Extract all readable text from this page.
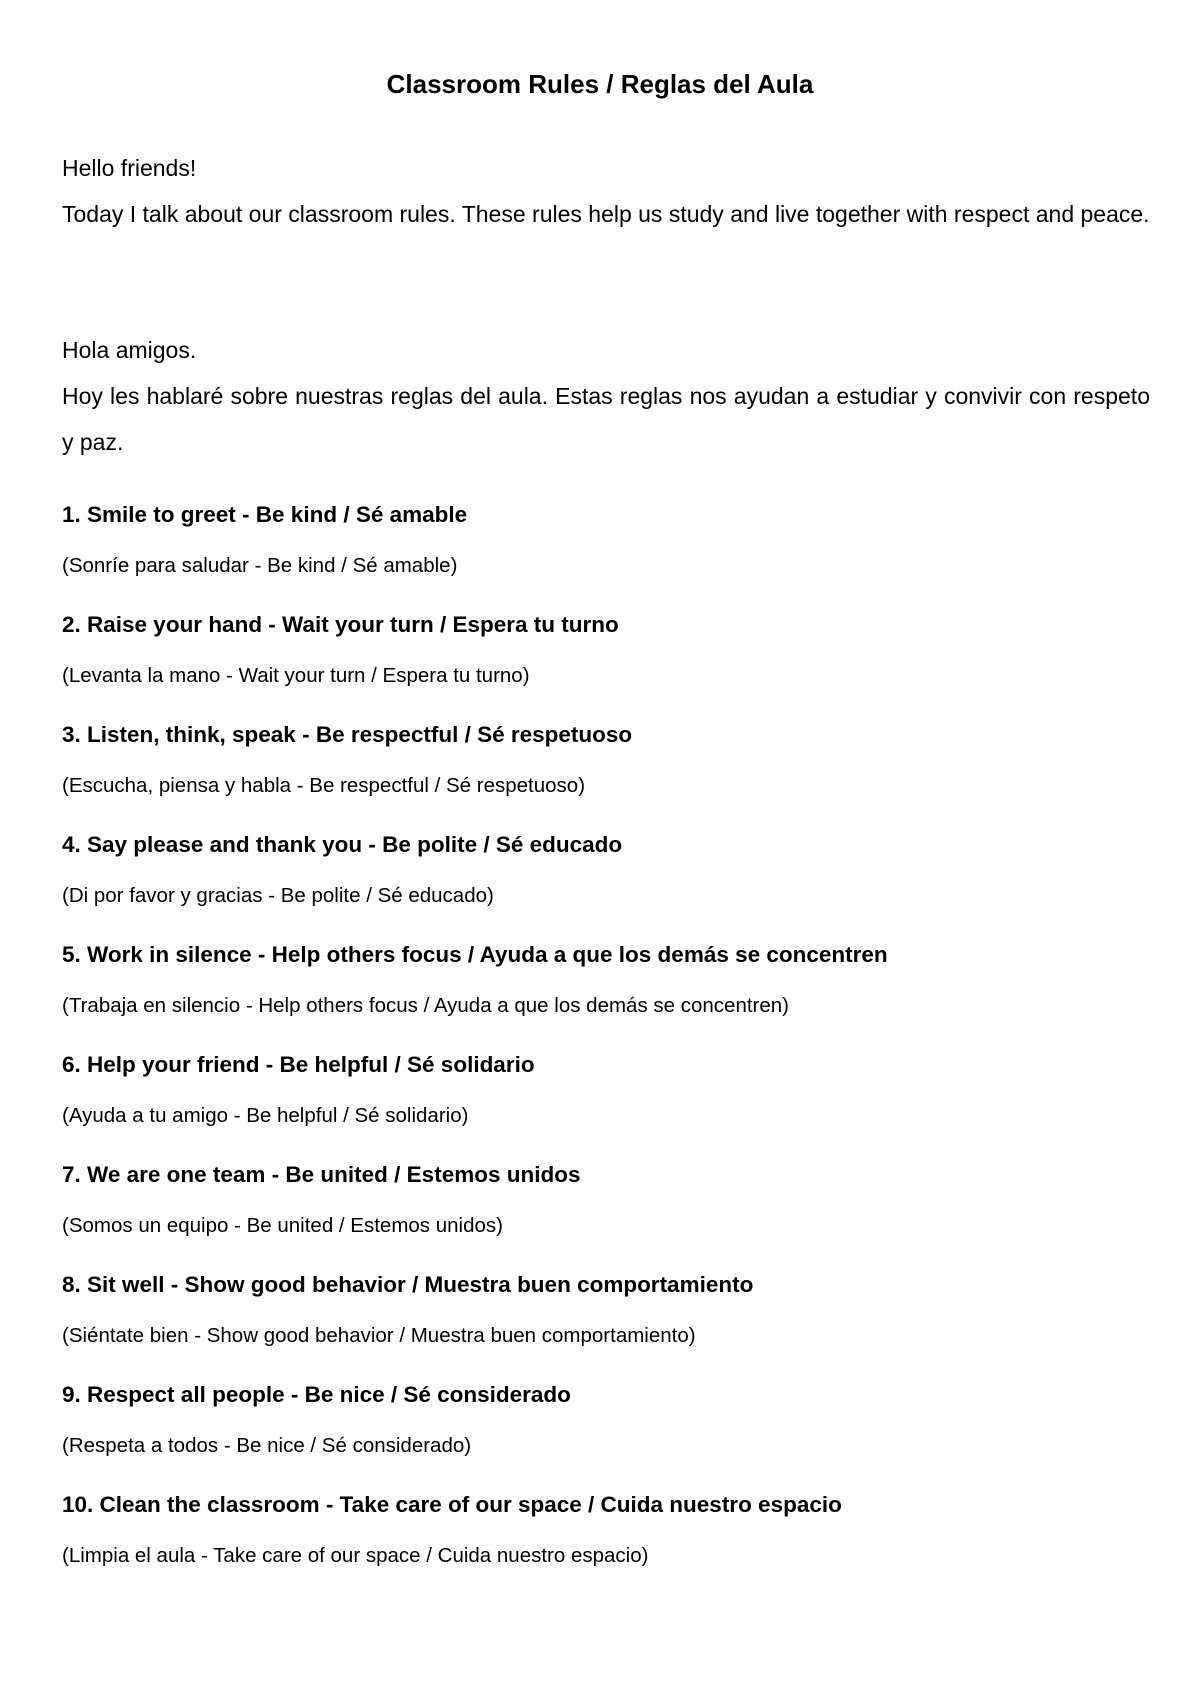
Classroom Rules / Reglas del Aula
Hello friends!
Today I talk about our classroom rules. These rules help us study and live together with respect and peace.
Hola amigos.
Hoy les hablaré sobre nuestras reglas del aula. Estas reglas nos ayudan a estudiar y convivir con respeto y paz.
1. Smile to greet - Be kind / Sé amable
(Sonríe para saludar - Be kind / Sé amable)
2. Raise your hand - Wait your turn / Espera tu turno
(Levanta la mano - Wait your turn / Espera tu turno)
3. Listen, think, speak - Be respectful / Sé respetuoso
(Escucha, piensa y habla - Be respectful / Sé respetuoso)
4. Say please and thank you - Be polite / Sé educado
(Di por favor y gracias - Be polite / Sé educado)
5. Work in silence - Help others focus / Ayuda a que los demás se concentren
(Trabaja en silencio - Help others focus / Ayuda a que los demás se concentren)
6. Help your friend - Be helpful / Sé solidario
(Ayuda a tu amigo - Be helpful / Sé solidario)
7. We are one team - Be united / Estemos unidos
(Somos un equipo - Be united / Estemos unidos)
8. Sit well - Show good behavior / Muestra buen comportamiento
(Siéntate bien - Show good behavior / Muestra buen comportamiento)
9. Respect all people - Be nice / Sé considerado
(Respeta a todos - Be nice / Sé considerado)
10. Clean the classroom - Take care of our space / Cuida nuestro espacio
(Limpia el aula - Take care of our space / Cuida nuestro espacio)
